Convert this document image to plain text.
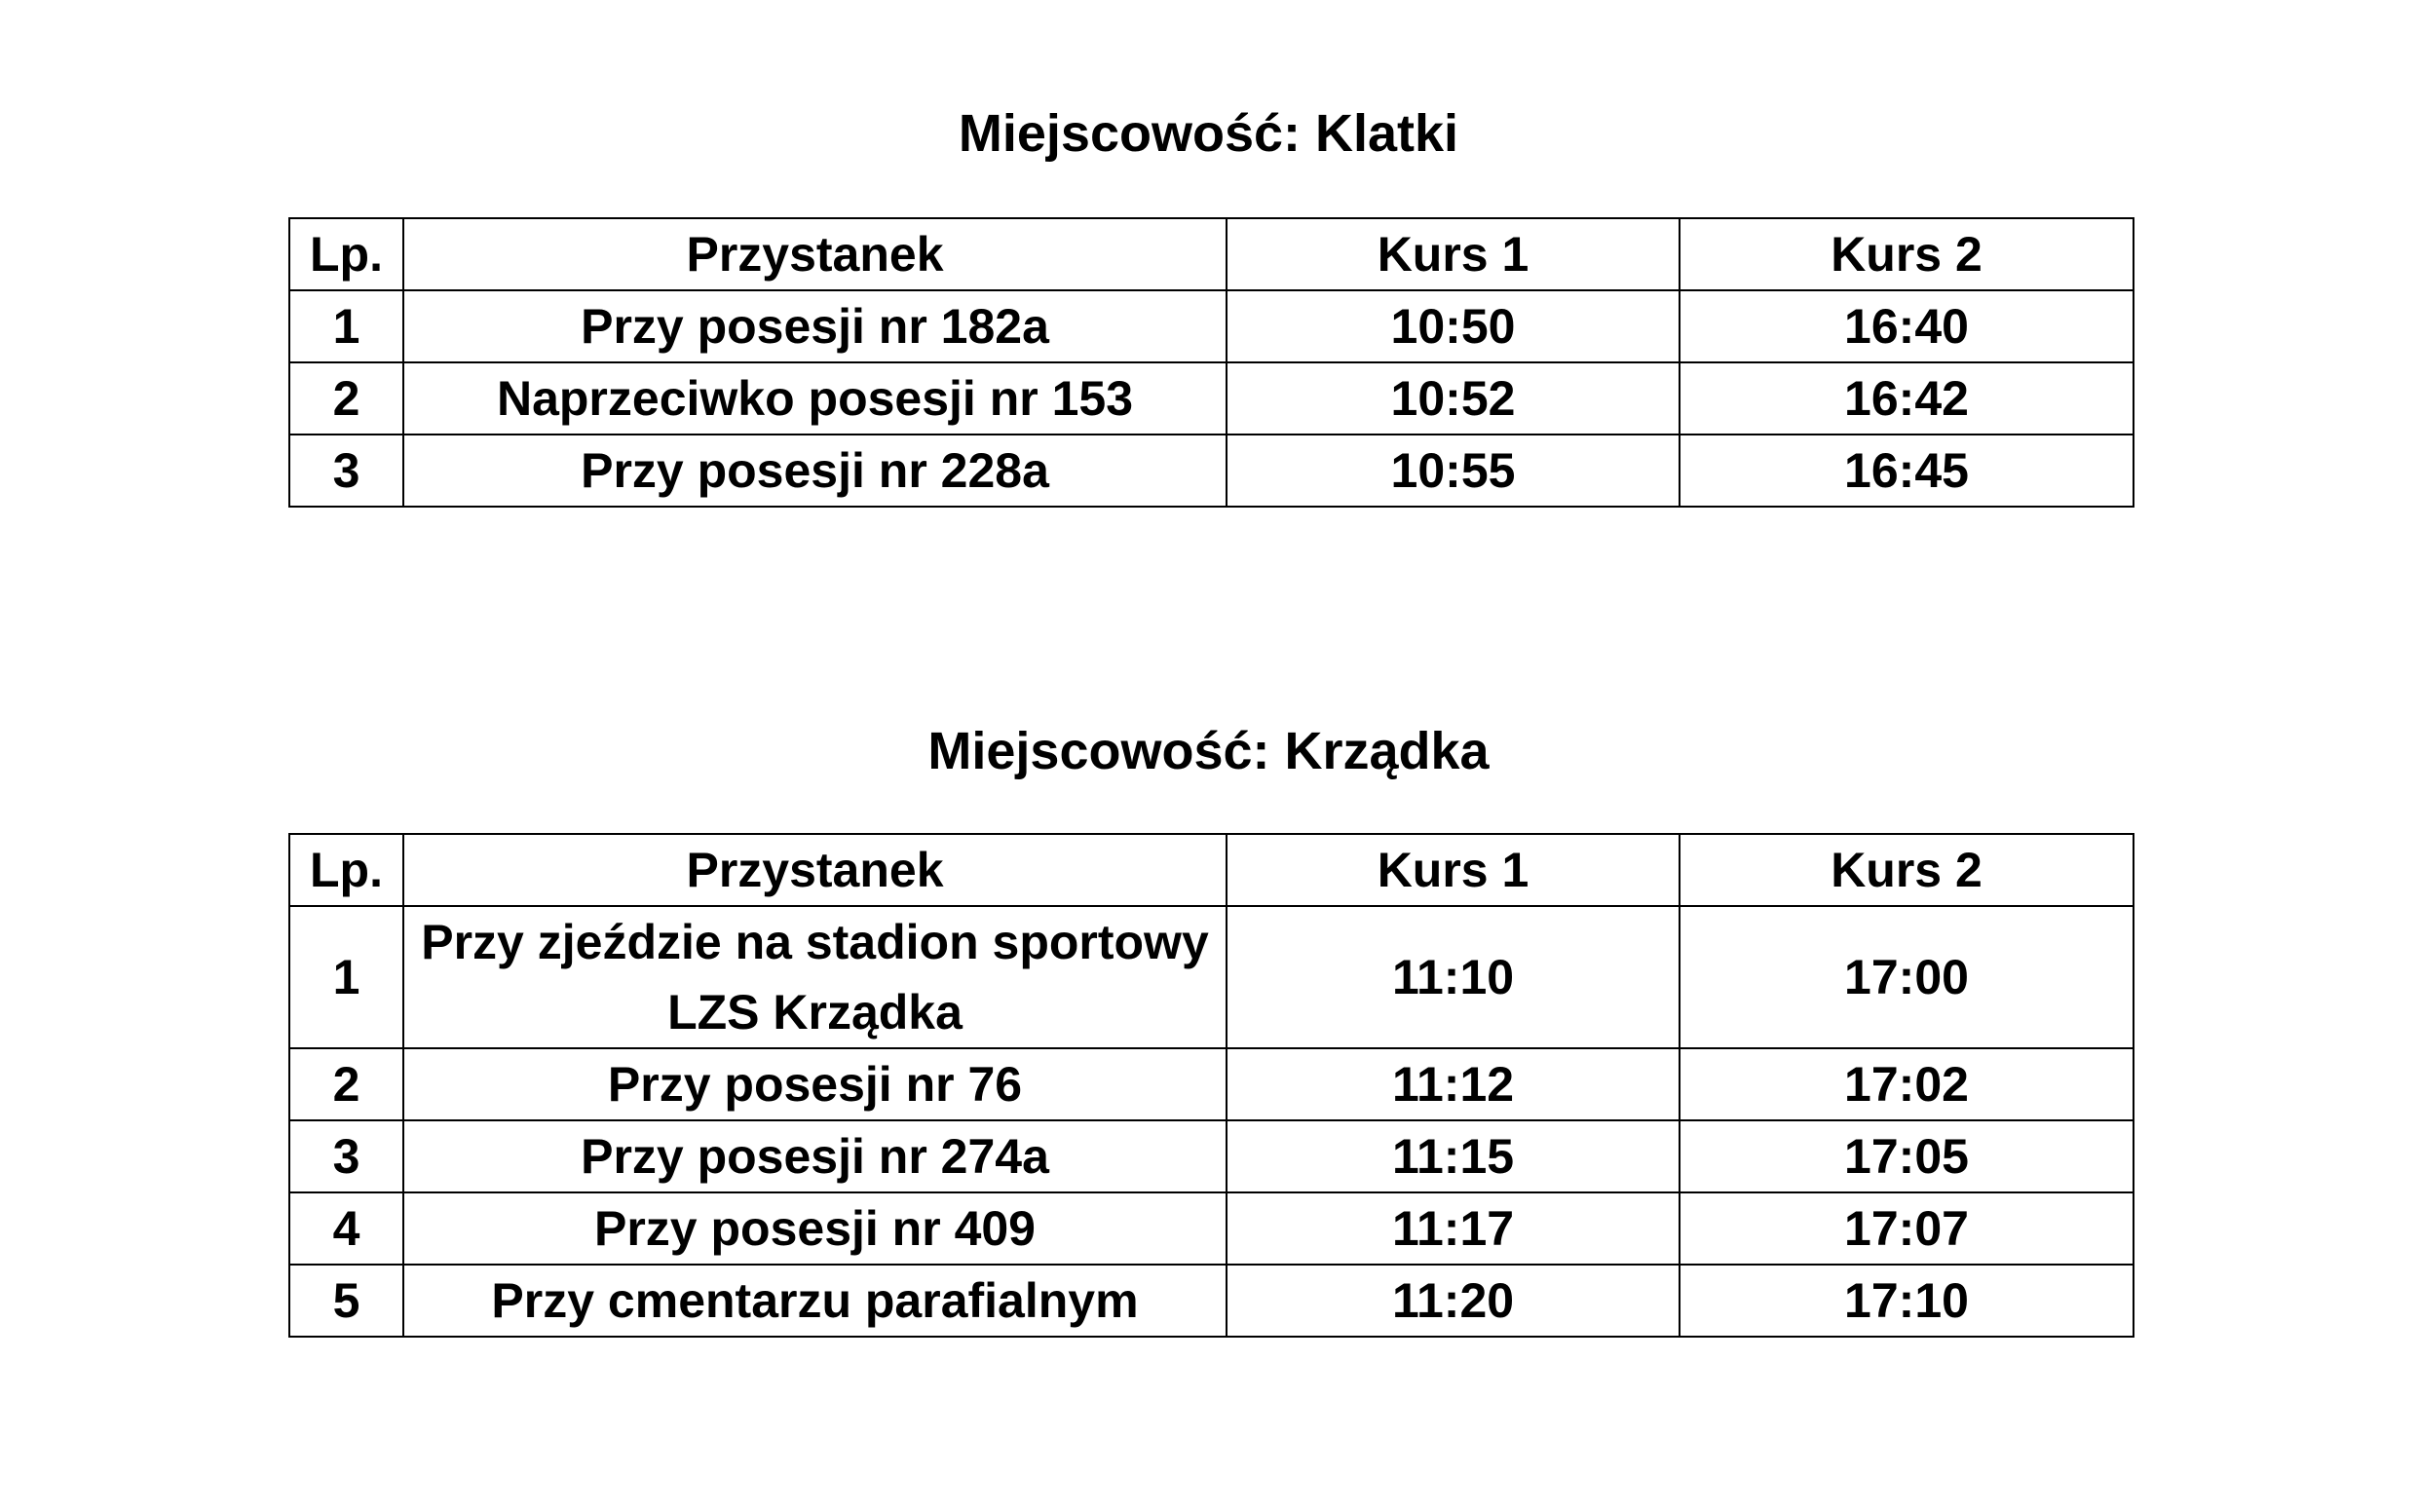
Miejscowość: Klatki
Lp.	Przystanek	Kurs 1	Kurs 2
1	Przy posesji nr 182a	10:50	16:40
2	Naprzeciwko posesji nr 153	10:52	16:42
3	Przy posesji nr 228a	10:55	16:45
Miejscowość: Krządka
Lp.	Przystanek	Kurs 1	Kurs 2
1	Przy zjeździe na stadion sportowy LZS Krządka	11:10	17:00
2	Przy posesji nr 76	11:12	17:02
3	Przy posesji nr 274a	11:15	17:05
4	Przy posesji nr 409	11:17	17:07
5	Przy cmentarzu parafialnym	11:20	17:10
